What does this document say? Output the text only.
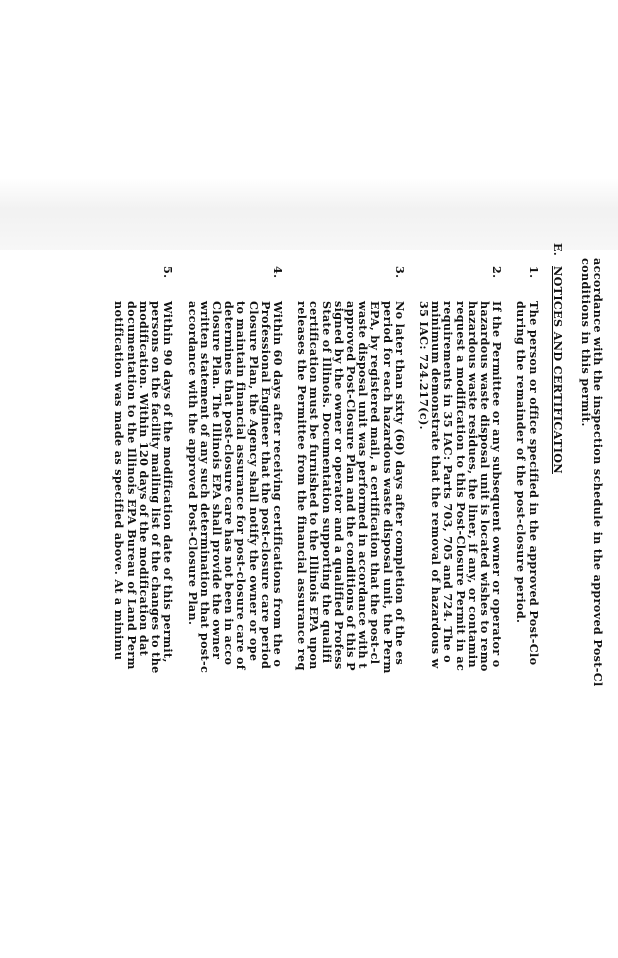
accordance with the inspection schedule in the approved Post-Cl
conditions in this permit.
E.
NOTICES AND CERTIFICATION
1.
The person or office specified in the approved Post-Clo
during the remainder of the post-closure period.
2.
If the Permittee or any subsequent owner or operator o
hazardous waste disposal unit is located wishes to remo
hazardous waste residues, the liner, if any, or contamin
request a modification to this Post-Closure Permit in ac
requirements in 35 IAC: Parts 703, 705 and 724. The o
minimum demonstrate that the removal of hazardous w
35 IAC: 724.217(c).
3.
No later than sixty (60) days after completion of the es
period for each hazardous waste disposal unit, the Perm
EPA, by registered mail, a certification that the post-cl
waste disposal unit was performed in accordance with t
approved Post-Closure Plan and the conditions of this P
signed by the owner or operator and a qualified Profess
State of Illinois. Documentation supporting the qualifi
certification must be furnished to the Illinois EPA upon
releases the Permittee from the financial assurance req
4.
Within 60 days after receiving certifications from the o
Professional Engineer that the post-closure care period
Closure Plan, the Agency shall notify the owner or ope
to maintain financial assurance for post-closure care of
determines that post-closure care has not been in acco
Closure Plan. The Illinois EPA shall provide the owner
written statement of any such determination that post-c
accordance with the approved Post-Closure Plan.
5.
Within 90 days of the modification date of this permit,
persons on the facility mailing list of the changes to the
modification. Within 120 days of the modification dat
documentation to the Illinois EPA Bureau of Land Perm
notification was made as specified above. At a minimu
